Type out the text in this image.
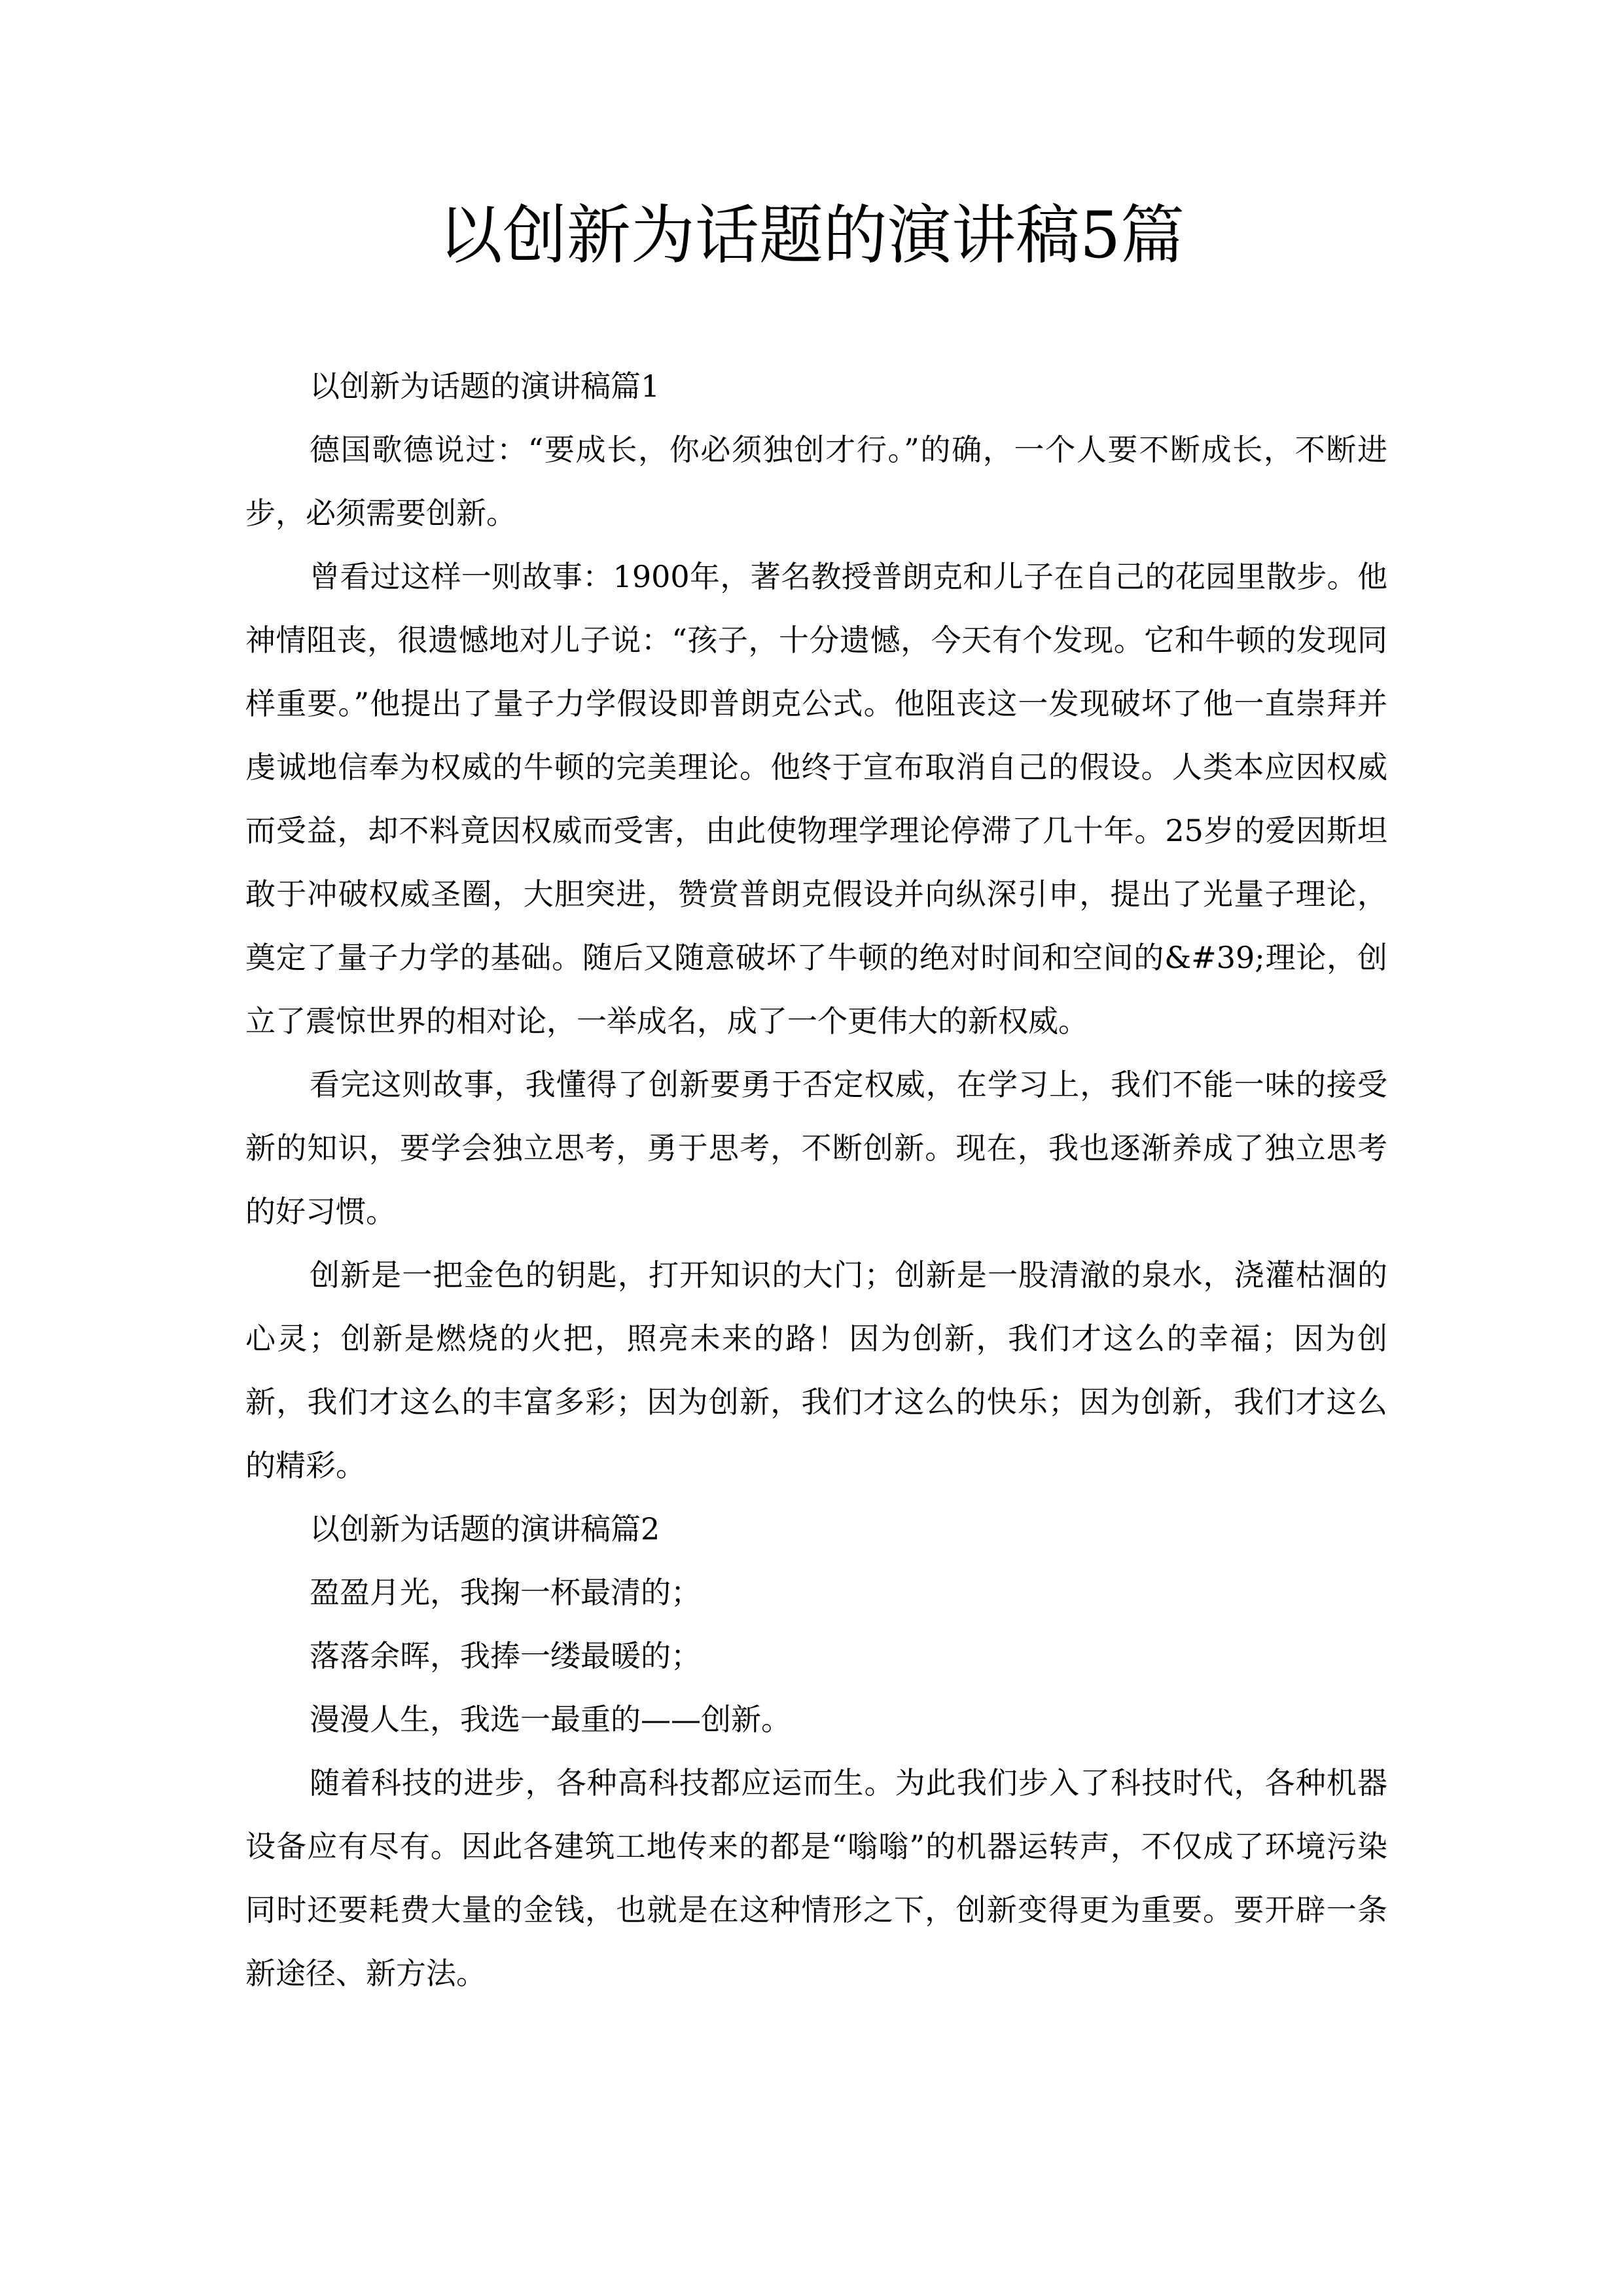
以创新为话题的演讲稿5篇

以创新为话题的演讲稿篇1

德国歌德说过：“要成长，你必须独创才行。”的确，一个人要不断成长，不断进步，必须需要创新。

曾看过这样一则故事：1900年，著名教授普朗克和儿子在自己的花园里散步。他神情阻丧，很遗憾地对儿子说：“孩子，十分遗憾，今天有个发现。它和牛顿的发现同样重要。”他提出了量子力学假设即普朗克公式。他阻丧这一发现破坏了他一直崇拜并虔诚地信奉为权威的牛顿的完美理论。他终于宣布取消自己的假设。人类本应因权威而受益，却不料竟因权威而受害，由此使物理学理论停滞了几十年。25岁的爱因斯坦敢于冲破权威圣圈，大胆突进，赞赏普朗克假设并向纵深引申，提出了光量子理论，奠定了量子力学的基础。随后又随意破坏了牛顿的绝对时间和空间的&#39;理论，创立了震惊世界的相对论，一举成名，成了一个更伟大的新权威。

看完这则故事，我懂得了创新要勇于否定权威，在学习上，我们不能一味的接受新的知识，要学会独立思考，勇于思考，不断创新。现在，我也逐渐养成了独立思考的好习惯。

创新是一把金色的钥匙，打开知识的大门；创新是一股清澈的泉水，浇灌枯涸的心灵；创新是燃烧的火把，照亮未来的路！因为创新，我们才这么的幸福；因为创新，我们才这么的丰富多彩；因为创新，我们才这么的快乐；因为创新，我们才这么的精彩。

以创新为话题的演讲稿篇2

盈盈月光，我掬一杯最清的；

落落余晖，我捧一缕最暖的；

漫漫人生，我选一最重的——创新。

随着科技的进步，各种高科技都应运而生。为此我们步入了科技时代，各种机器设备应有尽有。因此各建筑工地传来的都是“嗡嗡”的机器运转声，不仅成了环境污染同时还要耗费大量的金钱，也就是在这种情形之下，创新变得更为重要。要开辟一条新途径、新方法。
